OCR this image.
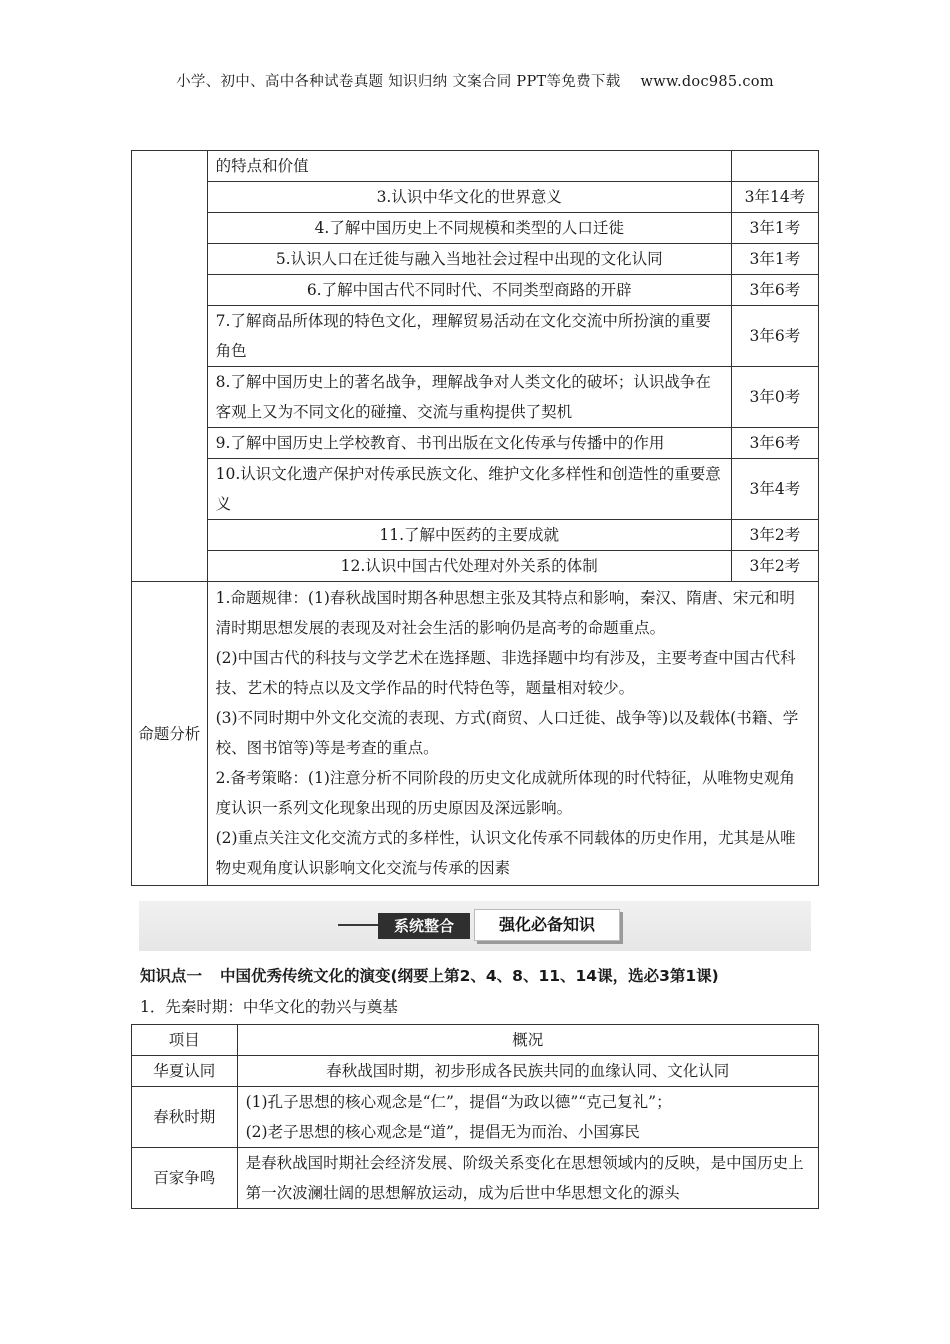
小学、初中、高中各种试卷真题 知识归纳 文案合同 PPT等免费下载 www.doc985.com
	的特点和价值	
	3.认识中华文化的世界意义	3年14考
	4.了解中国历史上不同规模和类型的人口迁徙	3年1考
	5.认识人口在迁徙与融入当地社会过程中出现的文化认同	3年1考
	6.了解中国古代不同时代、不同类型商路的开辟	3年6考
	7.了解商品所体现的特色文化，理解贸易活动在文化交流中所扮演的重要角色	3年6考
	8.了解中国历史上的著名战争，理解战争对人类文化的破坏；认识战争在客观上又为不同文化的碰撞、交流与重构提供了契机	3年0考
	9.了解中国历史上学校教育、书刊出版在文化传承与传播中的作用	3年6考
	10.认识文化遗产保护对传承民族文化、维护文化多样性和创造性的重要意义	3年4考
	11.了解中医药的主要成就	3年2考
	12.认识中国古代处理对外关系的体制	3年2考
命题分析	1.命题规律：(1)春秋战国时期各种思想主张及其特点和影响，秦汉、隋唐、宋元和明清时期思想发展的表现及对社会生活的影响仍是高考的命题重点。

(2)中国古代的科技与文学艺术在选择题、非选择题中均有涉及，主要考查中国古代科技、艺术的特点以及文学作品的时代特色等，题量相对较少。

(3)不同时期中外文化交流的表现、方式(商贸、人口迁徙、战争等)以及载体(书籍、学校、图书馆等)等是考查的重点。

2.备考策略：(1)注意分析不同阶段的历史文化成就所体现的时代特征，从唯物史观角度认识一系列文化现象出现的历史原因及深远影响。

(2)重点关注文化交流方式的多样性，认识文化传承不同载体的历史作用，尤其是从唯物史观角度认识影响文化交流与传承的因素	

系统整合	强化必备知识
知识点一 中国优秀传统文化的演变(纲要上第2、4、8、11、14课，选必3第1课)
1．先秦时期：中华文化的勃兴与奠基
项目	概况
华夏认同	春秋战国时期，初步形成各民族共同的血缘认同、文化认同
春秋时期	(1)孔子思想的核心观念是“仁”，提倡“为政以德”“克己复礼”；

(2)老子思想的核心观念是“道”，提倡无为而治、小国寡民

百家争鸣	是春秋战国时期社会经济发展、阶级关系变化在思想领域内的反映，是中国历史上第一次波澜壮阔的思想解放运动，成为后世中华思想文化的源头
